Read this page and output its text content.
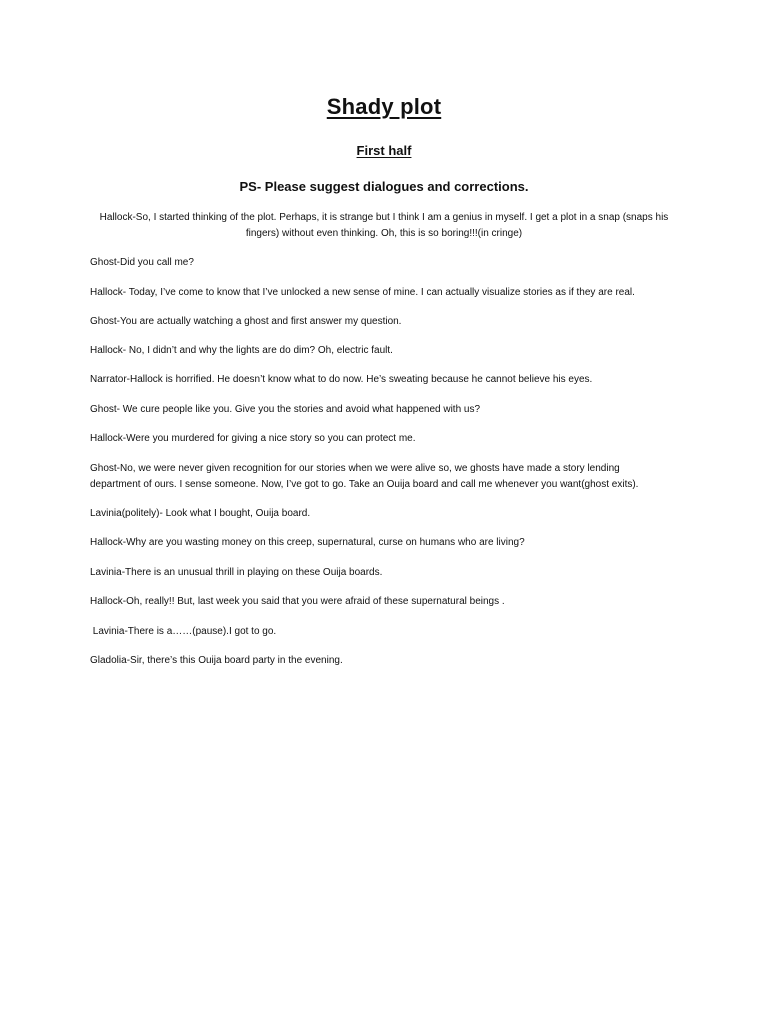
Shady plot
First half
PS- Please suggest dialogues and corrections.
Hallock-So, I started thinking of the plot. Perhaps, it is strange but I think I am a genius in myself. I get a plot in a snap (snaps his
fingers) without even thinking. Oh, this is so boring!!!(in cringe)
Ghost-Did you call me?
Hallock- Today, I’ve come to know that I’ve unlocked a new sense of mine. I can actually visualize stories as if they are real.
Ghost-You are actually watching a ghost and first answer my question.
Hallock- No, I didn’t and why the lights are do dim? Oh, electric fault.
Narrator-Hallock is horrified. He doesn’t know what to do now. He’s sweating because he cannot believe his eyes.
Ghost- We cure people like you. Give you the stories and avoid what happened with us?
Hallock-Were you murdered for giving a nice story so you can protect me.
Ghost-No, we were never given recognition for our stories when we were alive so, we ghosts have made a story lending
department of ours. I sense someone. Now, I’ve got to go. Take an Ouija board and call me whenever you want(ghost exits).
Lavinia(politely)- Look what I bought, Ouija board.
Hallock-Why are you wasting money on this creep, supernatural, curse on humans who are living?
Lavinia-There is an unusual thrill in playing on these Ouija boards.
Hallock-Oh, really!! But, last week you said that you were afraid of these supernatural beings .
Lavinia-There is a……(pause).I got to go.
Gladolia-Sir, there’s this Ouija board party in the evening.
